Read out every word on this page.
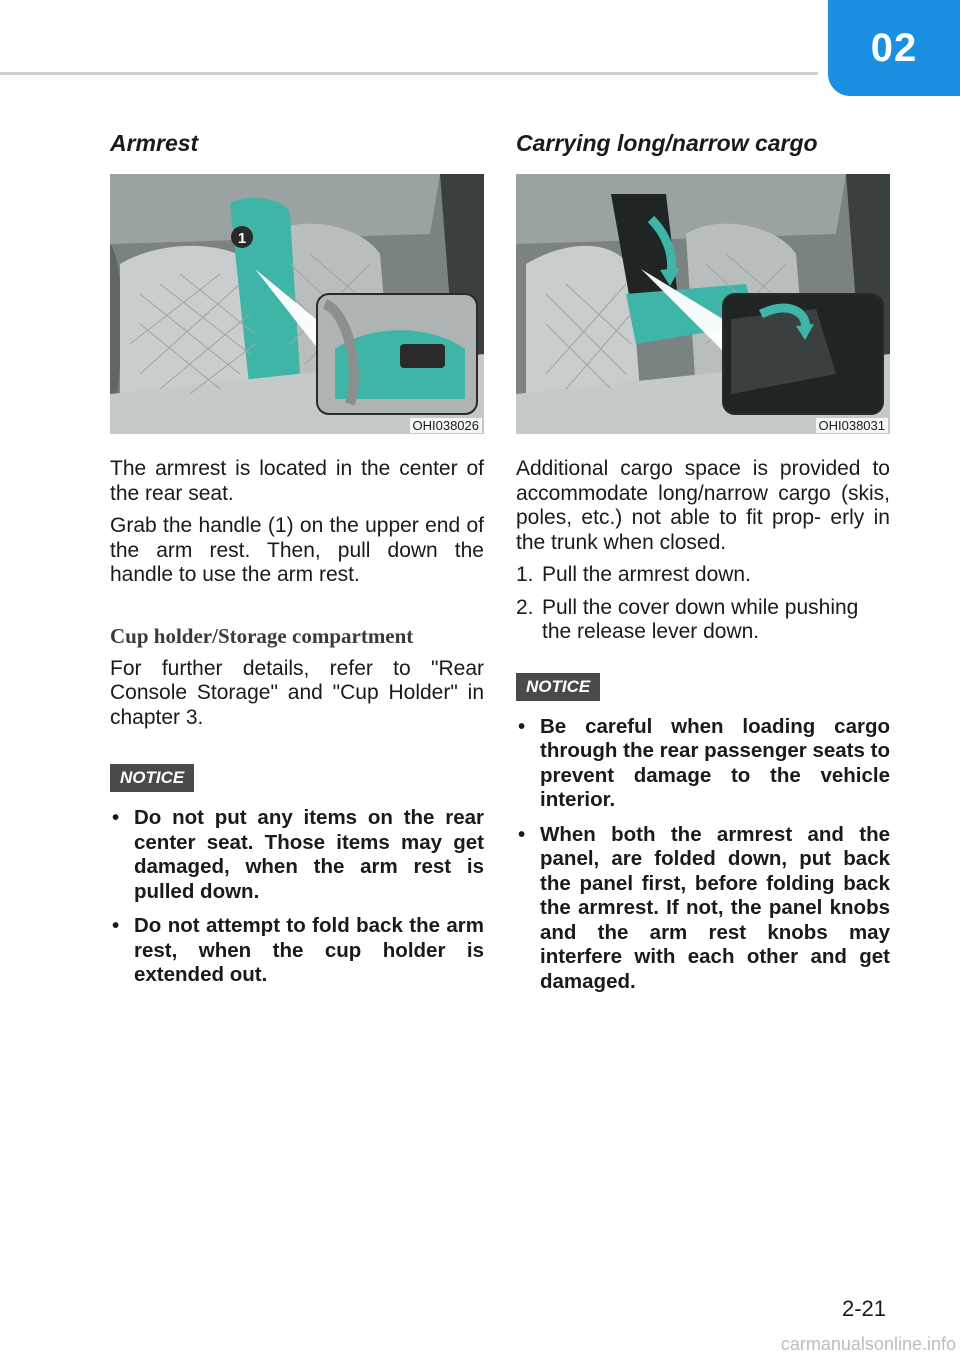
02
Armrest
1
OHI038026

The armrest is located in the center of the rear seat.

Grab the handle (1) on the upper end of the arm rest. Then, pull down the handle to use the arm rest.

Cup holder/Storage compartment

For further details, refer to "Rear Console Storage" and "Cup Holder" in chapter 3.

NOTICE
• Do not put any items on the rear center seat. Those items may get damaged, when the arm rest is pulled down.
• Do not attempt to fold back the arm rest, when the cup holder is extended out.
Carrying long/narrow cargo
OHI038031

Additional cargo space is provided to accommodate long/narrow cargo (skis, poles, etc.) not able to fit prop- erly in the trunk when closed.

1. Pull the armrest down.
2. Pull the cover down while pushing the release lever down.
NOTICE
• Be careful when loading cargo through the rear passenger seats to prevent damage to the vehicle interior.
• When both the armrest and the panel, are folded down, put back the panel first, before folding back the armrest. If not, the panel knobs and the arm rest knobs may interfere with each other and get damaged.
2-21
carmanualsonline.info
